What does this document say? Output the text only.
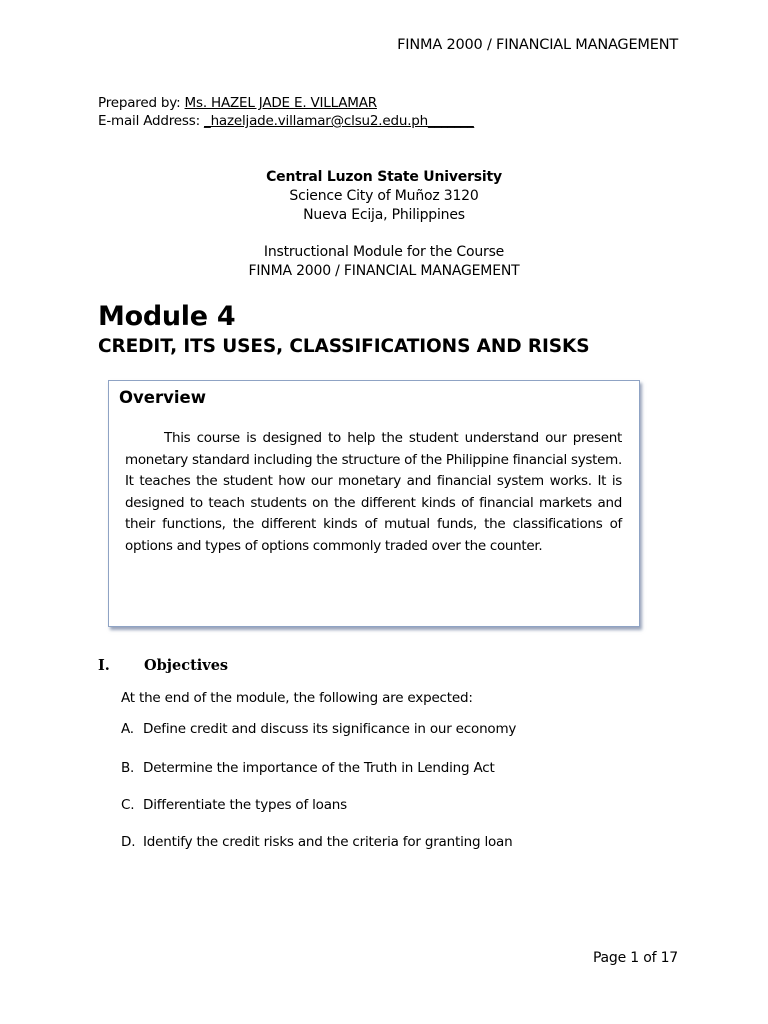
FINMA 2000 / FINANCIAL MANAGEMENT
Prepared by: Ms. HAZEL JADE E. VILLAMAR
E-mail Address: _hazeljade.villamar@clsu2.edu.ph_______
Central Luzon State University
Science City of Muñoz 3120
Nueva Ecija, Philippines
Instructional Module for the Course
FINMA 2000 / FINANCIAL MANAGEMENT
Module 4
CREDIT, ITS USES, CLASSIFICATIONS AND RISKS
Overview
This course is designed to help the student understand our present monetary standard including the structure of the Philippine financial system. It teaches the student how our monetary and financial system works. It is designed to teach students on the different kinds of financial markets and their functions, the different kinds of mutual funds, the classifications of options and types of options commonly traded over the counter.
I. Objectives
At the end of the module, the following are expected:
A. Define credit and discuss its significance in our economy
B. Determine the importance of the Truth in Lending Act
C. Differentiate the types of loans
D. Identify the credit risks and the criteria for granting loan
Page 1 of 17
